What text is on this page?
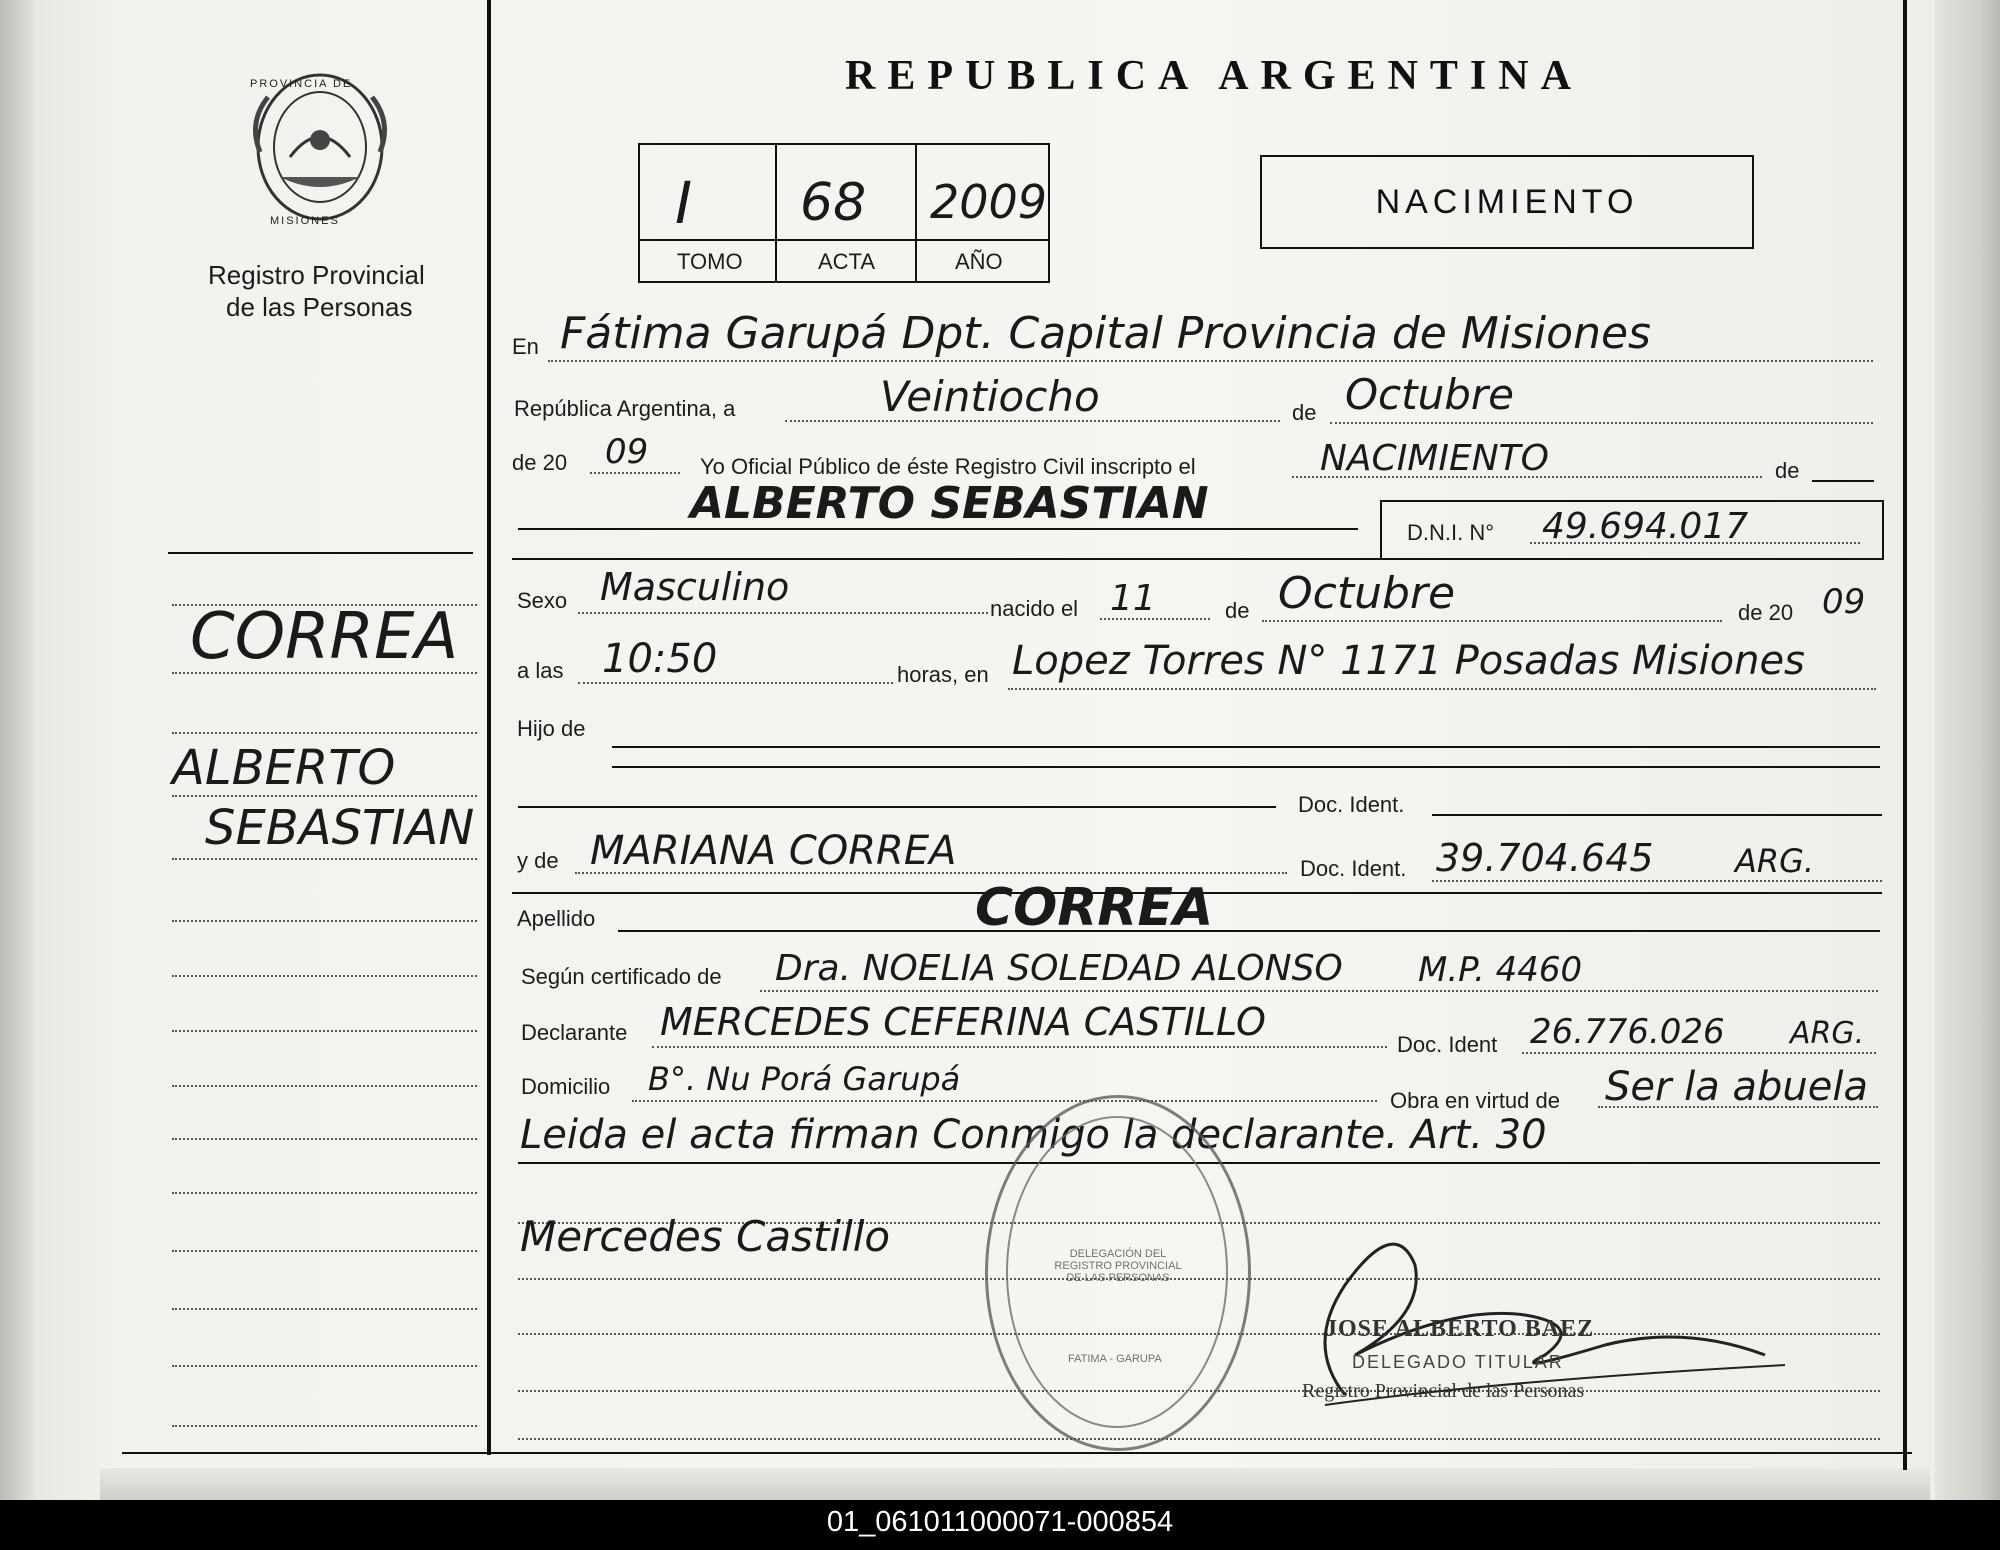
PROVINCIA DE
MISIONES
Registro Provincial
de las Personas
REPUBLICA ARGENTINA
I 68 2009
TOMO	ACTA	AÑO
NACIMIENTO
CORREA
ALBERTO
SEBASTIAN
En Fátima Garupá Dpt. Capital Provincia de Misiones
República Argentina, a	Veintiocho	de Octubre
de 20 09 Yo Oficial Público de éste Registro Civil inscripto el	NACIMIENTO	de
ALBERTO SEBASTIAN
D.N.I. N° 49.694.017
Sexo Masculino	nacido el 11	de Octubre	de 20 09
a las 10:50	horas, en Lopez Torres N° 1171 Posadas Misiones
Hijo de
Doc. Ident.
y de MARIANA CORREA	Doc. Ident. 39.704.645	ARG.
Apellido	CORREA
Según certificado de Dra. NOELIA SOLEDAD ALONSO M.P. 4460
Declarante MERCEDES CEFERINA CASTILLO
Doc. Ident 26.776.026 ARG.
Domicilio B°. Nu Porá Garupá
Obra en virtud de Ser la abuela
Leida el acta firman Conmigo la declarante. Art. 30
Mercedes Castillo	DELEGACIÓN DEL REGISTRO PROVINCIAL DE LAS PERSONAS
FATIMA - GARUPA
JOSE ALBERTO BAEZ
DELEGADO TITULAR
Registro Provincial de las Personas
01_061011000071-000854
